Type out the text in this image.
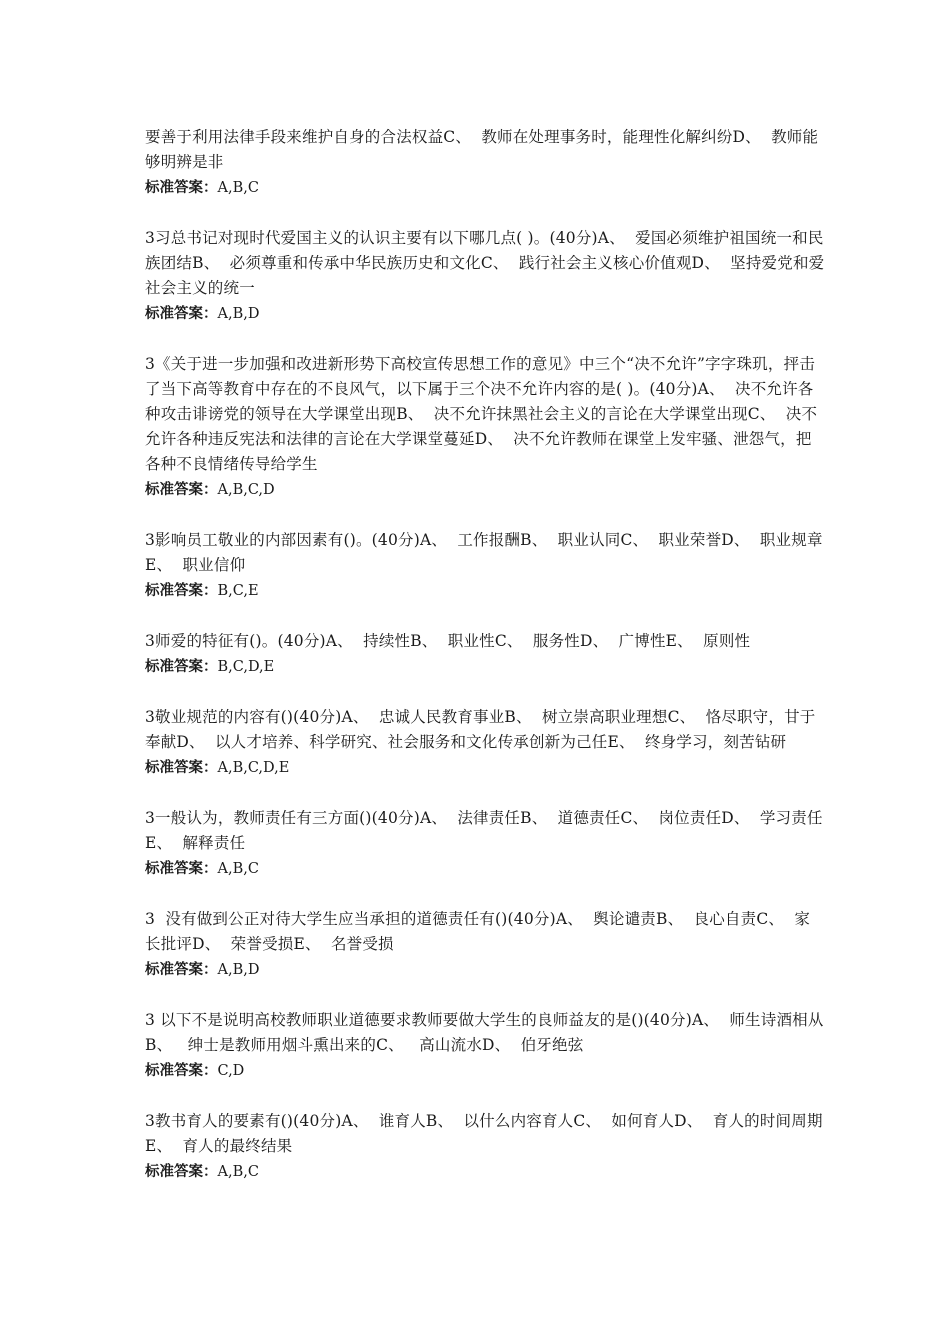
要善于利用法律手段来维护自身的合法权益C、  教师在处理事务时，能理性化解纠纷D、  教师能够明辨是非

标准答案：A,B,C

3习总书记对现时代爱国主义的认识主要有以下哪几点( )。(40分)A、  爱国必须维护祖国统一和民族团结B、  必须尊重和传承中华民族历史和文化C、  践行社会主义核心价值观D、  坚持爱党和爱社会主义的统一

标准答案：A,B,D

3《关于进一步加强和改进新形势下高校宣传思想工作的意见》中三个“决不允许”字字珠玑，抨击了当下高等教育中存在的不良风气，以下属于三个决不允许内容的是( )。(40分)A、  决不允许各种攻击诽谤党的领导在大学课堂出现B、  决不允许抹黑社会主义的言论在大学课堂出现C、  决不允许各种违反宪法和法律的言论在大学课堂蔓延D、  决不允许教师在课堂上发牢骚、泄怨气，把各种不良情绪传导给学生

标准答案：A,B,C,D

3影响员工敬业的内部因素有()。(40分)A、  工作报酬B、  职业认同C、  职业荣誉D、  职业规章E、  职业信仰

标准答案：B,C,E

3师爱的特征有()。(40分)A、  持续性B、  职业性C、  服务性D、  广博性E、  原则性

标准答案：B,C,D,E

3敬业规范的内容有()(40分)A、  忠诚人民教育事业B、  树立崇高职业理想C、  恪尽职守，甘于奉献D、  以人才培养、科学研究、社会服务和文化传承创新为己任E、  终身学习，刻苦钻研

标准答案：A,B,C,D,E

3一般认为，教师责任有三方面()(40分)A、  法律责任B、  道德责任C、  岗位责任D、  学习责任E、  解释责任

标准答案：A,B,C

3  没有做到公正对待大学生应当承担的道德责任有()(40分)A、  舆论谴责B、  良心自责C、  家长批评D、  荣誉受损E、  名誉受损

标准答案：A,B,D

3 以下不是说明高校教师职业道德要求教师要做大学生的良师益友的是()(40分)A、  师生诗酒相从B、   绅士是教师用烟斗熏出来的C、   高山流水D、  伯牙绝弦

标准答案：C,D

3教书育人的要素有()(40分)A、  谁育人B、  以什么内容育人C、  如何育人D、  育人的时间周期E、  育人的最终结果

标准答案：A,B,C
